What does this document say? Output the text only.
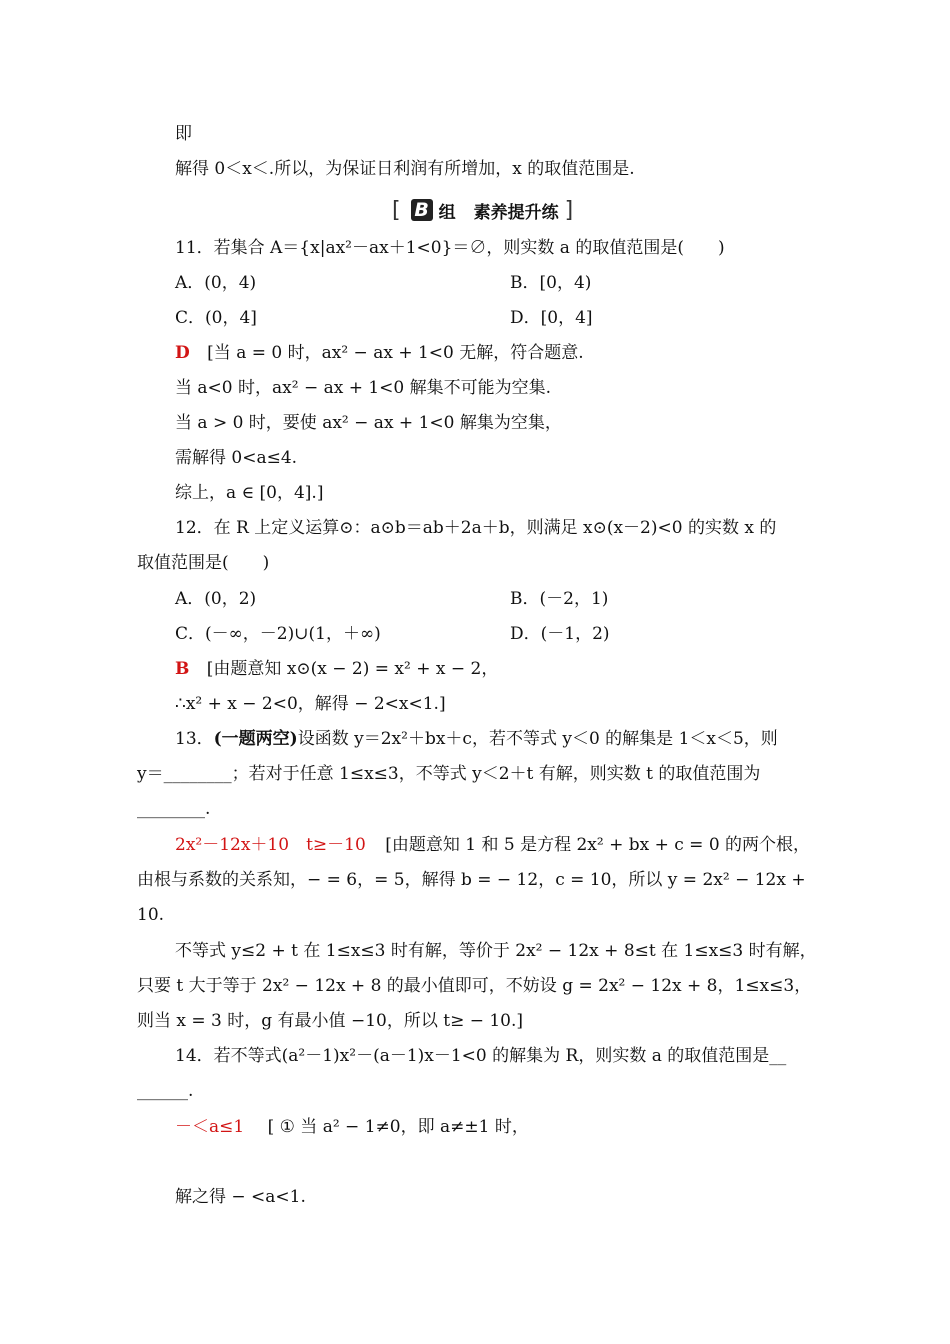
即
解得 0＜x＜.所以，为保证日利润有所增加，x 的取值范围是.
[ B 组 素养提升练 ]
11．若集合 A＝{x|ax²－ax＋1<0}＝∅，则实数 a 的取值范围是(　　)
A．(0，4)	B．[0，4)
C．(0，4]	D．[0，4]
D [当 a = 0 时，ax² − ax + 1<0 无解，符合题意.
当 a<0 时，ax² − ax + 1<0 解集不可能为空集.
当 a > 0 时，要使 ax² − ax + 1<0 解集为空集，
需解得 0<a≤4.
综上，a ∈ [0，4].]
12．在 R 上定义运算⊙：a⊙b＝ab＋2a＋b，则满足 x⊙(x－2)<0 的实数 x 的
取值范围是(　　)
A．(0，2)	B．(－2，1)
C．(－∞，－2)∪(1，＋∞)	D．(－1，2)
B [由题意知 x⊙(x − 2) = x² + x − 2，
∴x² + x − 2<0，解得 − 2<x<1.]
13．(一题两空)设函数 y＝2x²＋bx＋c，若不等式 y＜0 的解集是 1＜x＜5，则
y＝________；若对于任意 1≤x≤3，不等式 y＜2＋t 有解，则实数 t 的取值范围为
________.
2x²－12x＋10　t≥－10 [由题意知 1 和 5 是方程 2x² + bx + c = 0 的两个根，
由根与系数的关系知，− = 6，= 5，解得 b = − 12，c = 10，所以 y = 2x² − 12x +
10.
不等式 y≤2 + t 在 1≤x≤3 时有解，等价于 2x² − 12x + 8≤t 在 1≤x≤3 时有解，
只要 t 大于等于 2x² − 12x + 8 的最小值即可，不妨设 g = 2x² − 12x + 8，1≤x≤3，
则当 x = 3 时，g 有最小值 −10，所以 t≥ − 10.]
14．若不等式(a²－1)x²－(a－1)x－1<0 的解集为 R，则实数 a 的取值范围是__
______.
－＜a≤1 [ ① 当 a² − 1≠0，即 a≠±1 时，
解之得 − <a<1.
